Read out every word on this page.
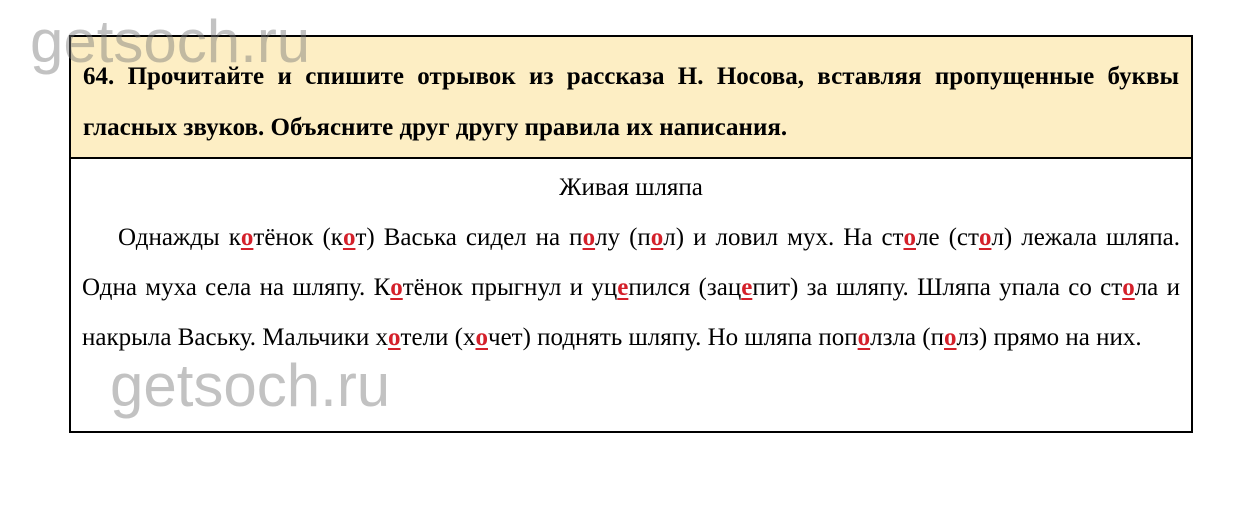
getsoch.ru
64. Прочитайте и спишите отрывок из рассказа Н. Носова, вставляя пропущенные буквы гласных звуков. Объясните друг другу правила их написания.
Живая шляпа

Однажды котёнок (кот) Васька сидел на полу (пол) и ловил мух. На столе (стол) лежала шляпа. Одна муха села на шляпу. Котёнок прыгнул и уцепился (зацепит) за шляпу. Шляпа упала со стола и накрыла Ваську. Мальчики хотели (хочет) поднять шляпу. Но шляпа поползла (полз) прямо на них.

getsoch.ru
